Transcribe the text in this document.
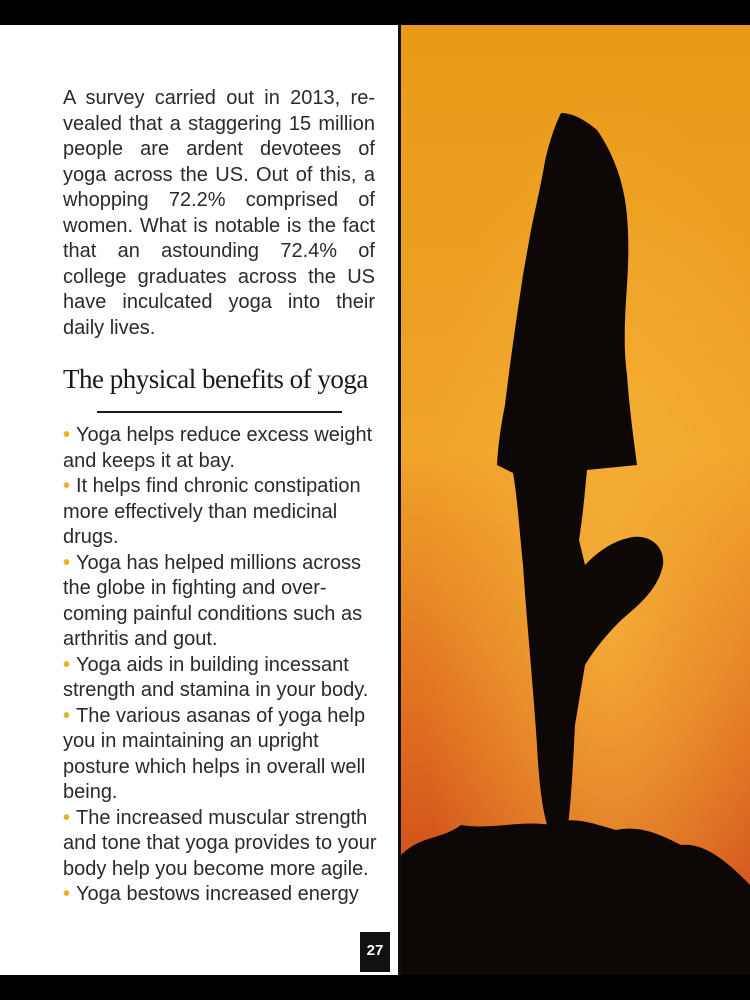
A survey carried out in 2013, revealed that a staggering 15 million people are ardent devotees of yoga across the US. Out of this, a whopping 72.2% comprised of women. What is notable is the fact that an astounding 72.4% of college graduates across the US have inculcated yoga into their daily lives.

The physical benefits of yoga
• Yoga helps reduce excess weight and keeps it at bay.
• It helps find chronic constipation more effectively than medicinal drugs.
• Yoga has helped millions across the globe in fighting and overcoming painful conditions such as arthritis and gout.
• Yoga aids in building incessant strength and stamina in your body.
• The various asanas of yoga help you in maintaining an upright posture which helps in overall well being.
• The increased muscular strength and tone that yoga provides to your body help you become more agile.
• Yoga bestows increased energy
27
